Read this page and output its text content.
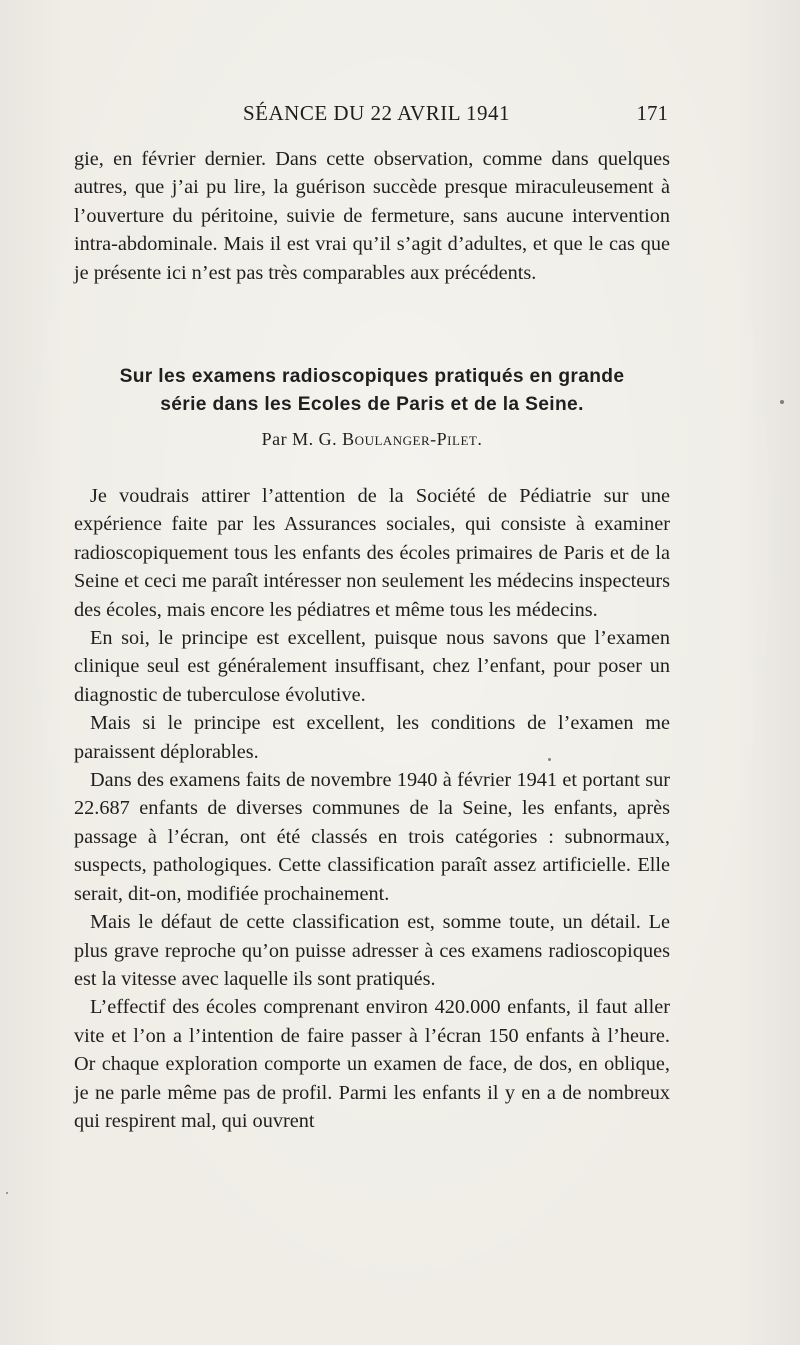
SÉANCE DU 22 AVRIL 1941	171

gie, en février dernier. Dans cette observation, comme dans quelques autres, que j’ai pu lire, la guérison succède presque miraculeusement à l’ouverture du péritoine, suivie de fermeture, sans aucune intervention intra-abdominale. Mais il est vrai qu’il s’agit d’adultes, et que le cas que je présente ici n’est pas très comparables aux précédents.

Sur les examens radioscopiques pratiqués en grande
série dans les Ecoles de Paris et de la Seine.
Par M. G. Boulanger-Pilet.

Je voudrais attirer l’attention de la Société de Pédiatrie sur une expérience faite par les Assurances sociales, qui consiste à examiner radioscopiquement tous les enfants des écoles primaires de Paris et de la Seine et ceci me paraît intéresser non seulement les médecins inspecteurs des écoles, mais encore les pédiatres et même tous les médecins.

En soi, le principe est excellent, puisque nous savons que l’examen clinique seul est généralement insuffisant, chez l’enfant, pour poser un diagnostic de tuberculose évolutive.

Mais si le principe est excellent, les conditions de l’examen me paraissent déplorables.

Dans des examens faits de novembre 1940 à février 1941 et portant sur 22.687 enfants de diverses communes de la Seine, les enfants, après passage à l’écran, ont été classés en trois catégories : subnormaux, suspects, pathologiques. Cette classification paraît assez artificielle. Elle serait, dit-on, modifiée prochainement.

Mais le défaut de cette classification est, somme toute, un détail. Le plus grave reproche qu’on puisse adresser à ces examens radioscopiques est la vitesse avec laquelle ils sont pratiqués.

L’effectif des écoles comprenant environ 420.000 enfants, il faut aller vite et l’on a l’intention de faire passer à l’écran 150 enfants à l’heure. Or chaque exploration comporte un examen de face, de dos, en oblique, je ne parle même pas de profil. Parmi les enfants il y en a de nombreux qui respirent mal, qui ouvrent
